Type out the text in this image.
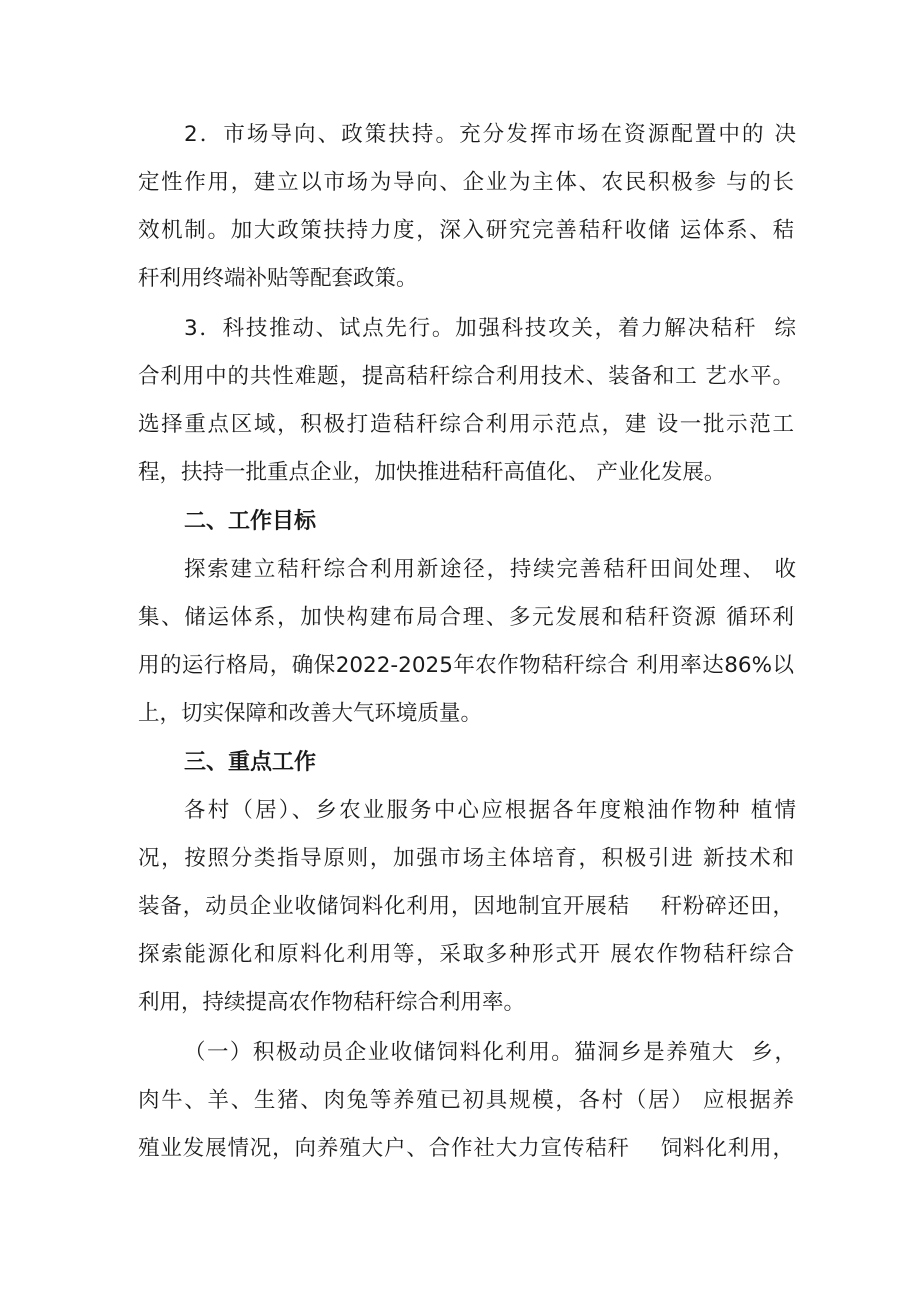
2．市场导向、政策扶持。充分发挥市场在资源配置中的 决

定性作用，建立以市场为导向、企业为主体、农民积极参 与的长

效机制。加大政策扶持力度，深入研究完善秸秆收储 运体系、秸

秆利用终端补贴等配套政策。

3．科技推动、试点先行。加强科技攻关，着力解决秸秆  综

合利用中的共性难题，提高秸秆综合利用技术、装备和工 艺水平。

选择重点区域，积极打造秸秆综合利用示范点，建 设一批示范工

程，扶持一批重点企业，加快推进秸秆高值化、 产业化发展。

二、工作目标

探索建立秸秆综合利用新途径，持续完善秸秆田间处理、 收

集、储运体系，加快构建布局合理、多元发展和秸秆资源 循环利

用的运行格局，确保2022-2025年农作物秸秆综合 利用率达86%以

上，切实保障和改善大气环境质量。

三、重点工作

各村（居）、乡农业服务中心应根据各年度粮油作物种 植情

况，按照分类指导原则，加强市场主体培育，积极引进 新技术和

装备，动员企业收储饲料化利用，因地制宜开展秸    秆粉碎还田，

探索能源化和原料化利用等，采取多种形式开 展农作物秸秆综合

利用，持续提高农作物秸秆综合利用率。

（一）积极动员企业收储饲料化利用。猫洞乡是养殖大  乡，

肉牛、羊、生猪、肉兔等养殖已初具规模，各村（居） 应根据养

殖业发展情况，向养殖大户、合作社大力宣传秸秆    饲料化利用，
